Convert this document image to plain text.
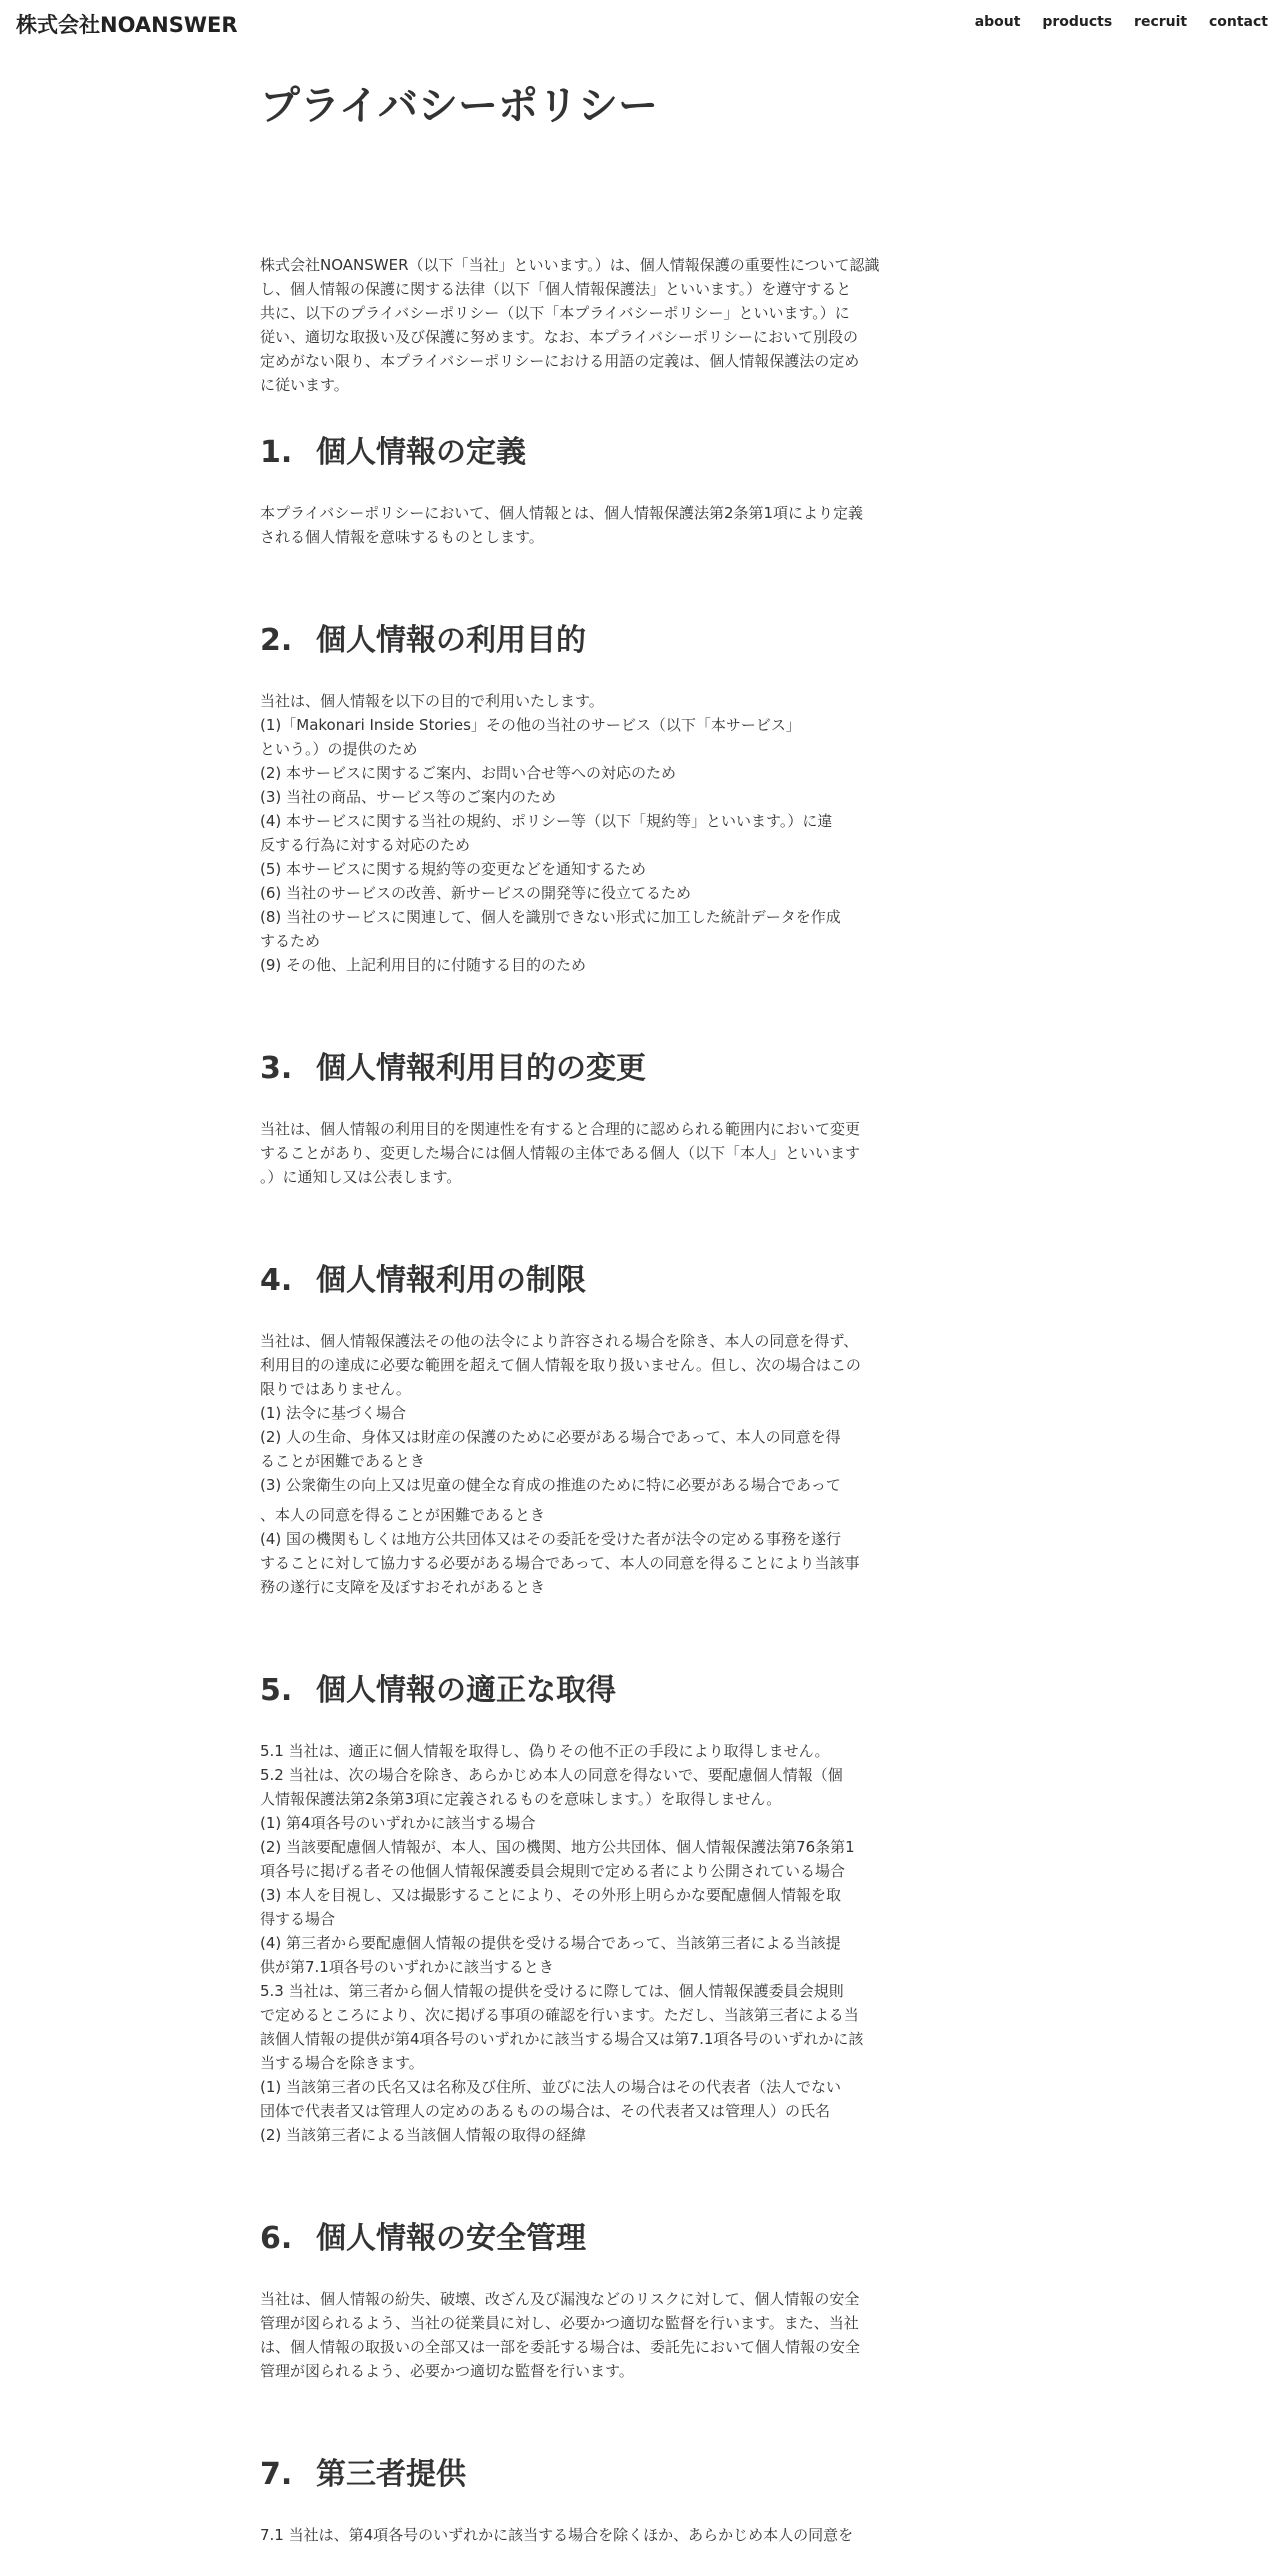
株式会社NOANSWER	about products recruit contact
プライバシーポリシー

株式会社NOANSWER（以下「当社」といいます。）は、個人情報保護の重要性について認識
し、個人情報の保護に関する法律（以下「個人情報保護法」といいます。）を遵守すると
共に、以下のプライバシーポリシー（以下「本プライバシーポリシー」といいます。）に
従い、適切な取扱い及び保護に努めます。なお、本プライバシーポリシーにおいて別段の
定めがない限り、本プライバシーポリシーにおける用語の定義は、個人情報保護法の定め
に従います。

1. 個人情報の定義

本プライバシーポリシーにおいて、個人情報とは、個人情報保護法第2条第1項により定義
される個人情報を意味するものとします。

2. 個人情報の利用目的

当社は、個人情報を以下の目的で利用いたします。
(1)「Makonari Inside Stories」その他の当社のサービス（以下「本サービス」
という。）の提供のため
(2) 本サービスに関するご案内、お問い合せ等への対応のため
(3) 当社の商品、サービス等のご案内のため
(4) 本サービスに関する当社の規約、ポリシー等（以下「規約等」といいます。）に違
反する行為に対する対応のため
(5) 本サービスに関する規約等の変更などを通知するため
(6) 当社のサービスの改善、新サービスの開発等に役立てるため
(8) 当社のサービスに関連して、個人を識別できない形式に加工した統計データを作成
するため
(9) その他、上記利用目的に付随する目的のため

3. 個人情報利用目的の変更

当社は、個人情報の利用目的を関連性を有すると合理的に認められる範囲内において変更
することがあり、変更した場合には個人情報の主体である個人（以下「本人」といいます
。）に通知し又は公表します。

4. 個人情報利用の制限

当社は、個人情報保護法その他の法令により許容される場合を除き、本人の同意を得ず、
利用目的の達成に必要な範囲を超えて個人情報を取り扱いません。但し、次の場合はこの
限りではありません。
(1) 法令に基づく場合
(2) 人の生命、身体又は財産の保護のために必要がある場合であって、本人の同意を得
ることが困難であるとき
(3) 公衆衛生の向上又は児童の健全な育成の推進のために特に必要がある場合であって
、本人の同意を得ることが困難であるとき
(4) 国の機関もしくは地方公共団体又はその委託を受けた者が法令の定める事務を遂行
することに対して協力する必要がある場合であって、本人の同意を得ることにより当該事
務の遂行に支障を及ぼすおそれがあるとき

5. 個人情報の適正な取得

5.1 当社は、適正に個人情報を取得し、偽りその他不正の手段により取得しません。
5.2 当社は、次の場合を除き、あらかじめ本人の同意を得ないで、要配慮個人情報（個
人情報保護法第2条第3項に定義されるものを意味します。）を取得しません。
(1) 第4項各号のいずれかに該当する場合
(2) 当該要配慮個人情報が、本人、国の機関、地方公共団体、個人情報保護法第76条第1
項各号に掲げる者その他個人情報保護委員会規則で定める者により公開されている場合
(3) 本人を目視し、又は撮影することにより、その外形上明らかな要配慮個人情報を取
得する場合
(4) 第三者から要配慮個人情報の提供を受ける場合であって、当該第三者による当該提
供が第7.1項各号のいずれかに該当するとき
5.3 当社は、第三者から個人情報の提供を受けるに際しては、個人情報保護委員会規則
で定めるところにより、次に掲げる事項の確認を行います。ただし、当該第三者による当
該個人情報の提供が第4項各号のいずれかに該当する場合又は第7.1項各号のいずれかに該
当する場合を除きます。
(1) 当該第三者の氏名又は名称及び住所、並びに法人の場合はその代表者（法人でない
団体で代表者又は管理人の定めのあるものの場合は、その代表者又は管理人）の氏名
(2) 当該第三者による当該個人情報の取得の経緯

6. 個人情報の安全管理

当社は、個人情報の紛失、破壊、改ざん及び漏洩などのリスクに対して、個人情報の安全
管理が図られるよう、当社の従業員に対し、必要かつ適切な監督を行います。また、当社
は、個人情報の取扱いの全部又は一部を委託する場合は、委託先において個人情報の安全
管理が図られるよう、必要かつ適切な監督を行います。

7. 第三者提供

7.1 当社は、第4項各号のいずれかに該当する場合を除くほか、あらかじめ本人の同意を
